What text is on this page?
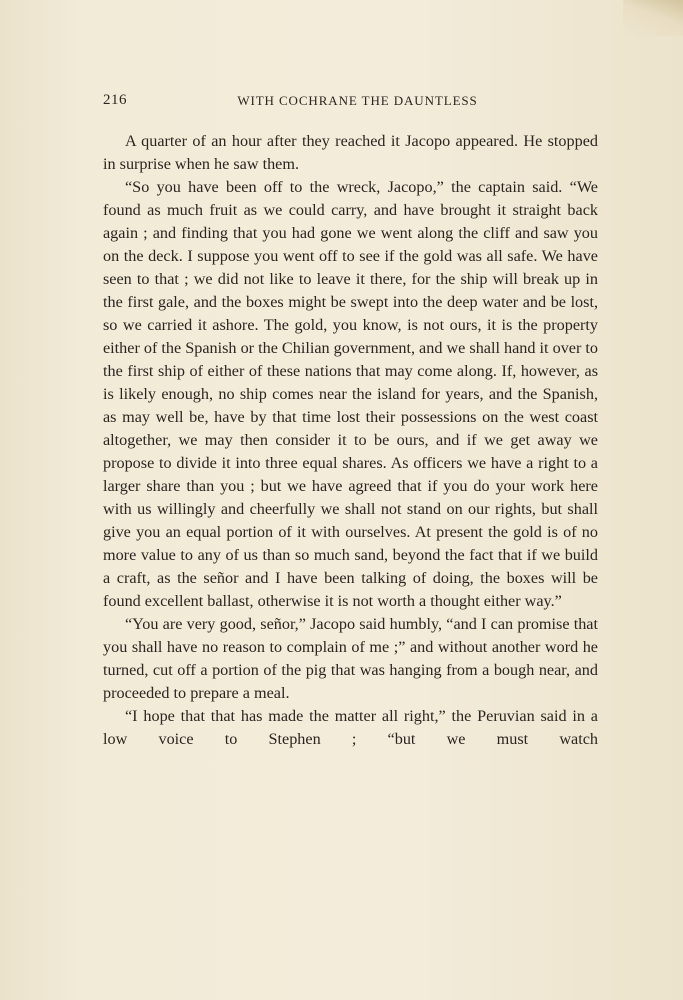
216	WITH COCHRANE THE DAUNTLESS

A quarter of an hour after they reached it Jacopo appeared. He stopped in surprise when he saw them.

“So you have been off to the wreck, Jacopo,” the captain said. “We found as much fruit as we could carry, and have brought it straight back again ; and finding that you had gone we went along the cliff and saw you on the deck. I suppose you went off to see if the gold was all safe. We have seen to that ; we did not like to leave it there, for the ship will break up in the first gale, and the boxes might be swept into the deep water and be lost, so we carried it ashore. The gold, you know, is not ours, it is the property either of the Spanish or the Chilian government, and we shall hand it over to the first ship of either of these nations that may come along. If, however, as is likely enough, no ship comes near the island for years, and the Spanish, as may well be, have by that time lost their possessions on the west coast altogether, we may then consider it to be ours, and if we get away we propose to divide it into three equal shares. As officers we have a right to a larger share than you ; but we have agreed that if you do your work here with us willingly and cheerfully we shall not stand on our rights, but shall give you an equal portion of it with ourselves. At present the gold is of no more value to any of us than so much sand, beyond the fact that if we build a craft, as the señor and I have been talking of doing, the boxes will be found excellent ballast, otherwise it is not worth a thought either way.”

“You are very good, señor,” Jacopo said humbly, “and I can promise that you shall have no reason to complain of me ;” and without another word he turned, cut off a portion of the pig that was hanging from a bough near, and proceeded to prepare a meal.

“I hope that that has made the matter all right,” the Peruvian said in a low voice to Stephen ; “but we must watch
